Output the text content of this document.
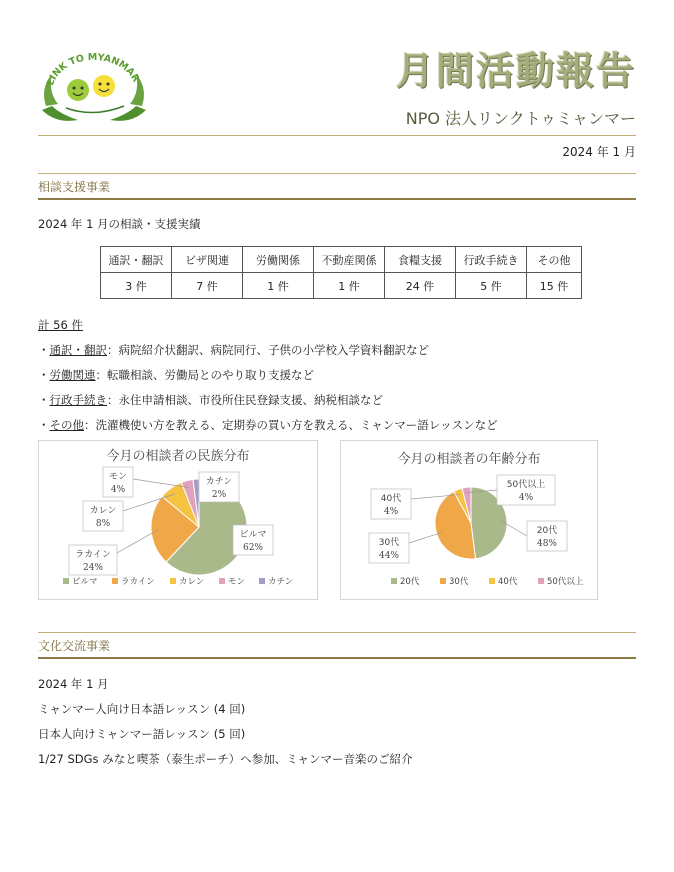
LINK TO MYANMAR	月間活動報告
NPO 法人リンクトゥミャンマー
2024 年 1 月
相談支援事業
2024 年 1 月の相談・支援実績
通訳・翻訳	ビザ関連	労働関係	不動産関係	食糧支援	行政手続き	その他
3 件	7 件	1 件	1 件	24 件	5 件	15 件
計 56 件
・通訳・翻訳：病院紹介状翻訳、病院同行、子供の小学校入学資料翻訳など
・労働関連：転職相談、労働局とのやり取り支援など
・行政手続き：永住申請相談、市役所住民登録支援、納税相談など
・その他：洗濯機使い方を教える、定期券の買い方を教える、ミャンマー語レッスンなど
今月の相談者の民族分布
ビルマ
62%
ラカイン
24%
カレン
8%
モン
4%
カチン
2%
ビルマ	ラカイン	カレン	モン	カチン
今月の相談者の年齢分布
20代
48%
30代
44%
40代
4%
50代以上
4%
20代	30代	40代	50代以上
文化交流事業
2024 年 1 月
ミャンマー人向け日本語レッスン (4 回)
日本人向けミャンマー語レッスン (5 回)
1/27 SDGs みなと喫茶（泰生ポーチ）へ参加、ミャンマー音楽のご紹介
